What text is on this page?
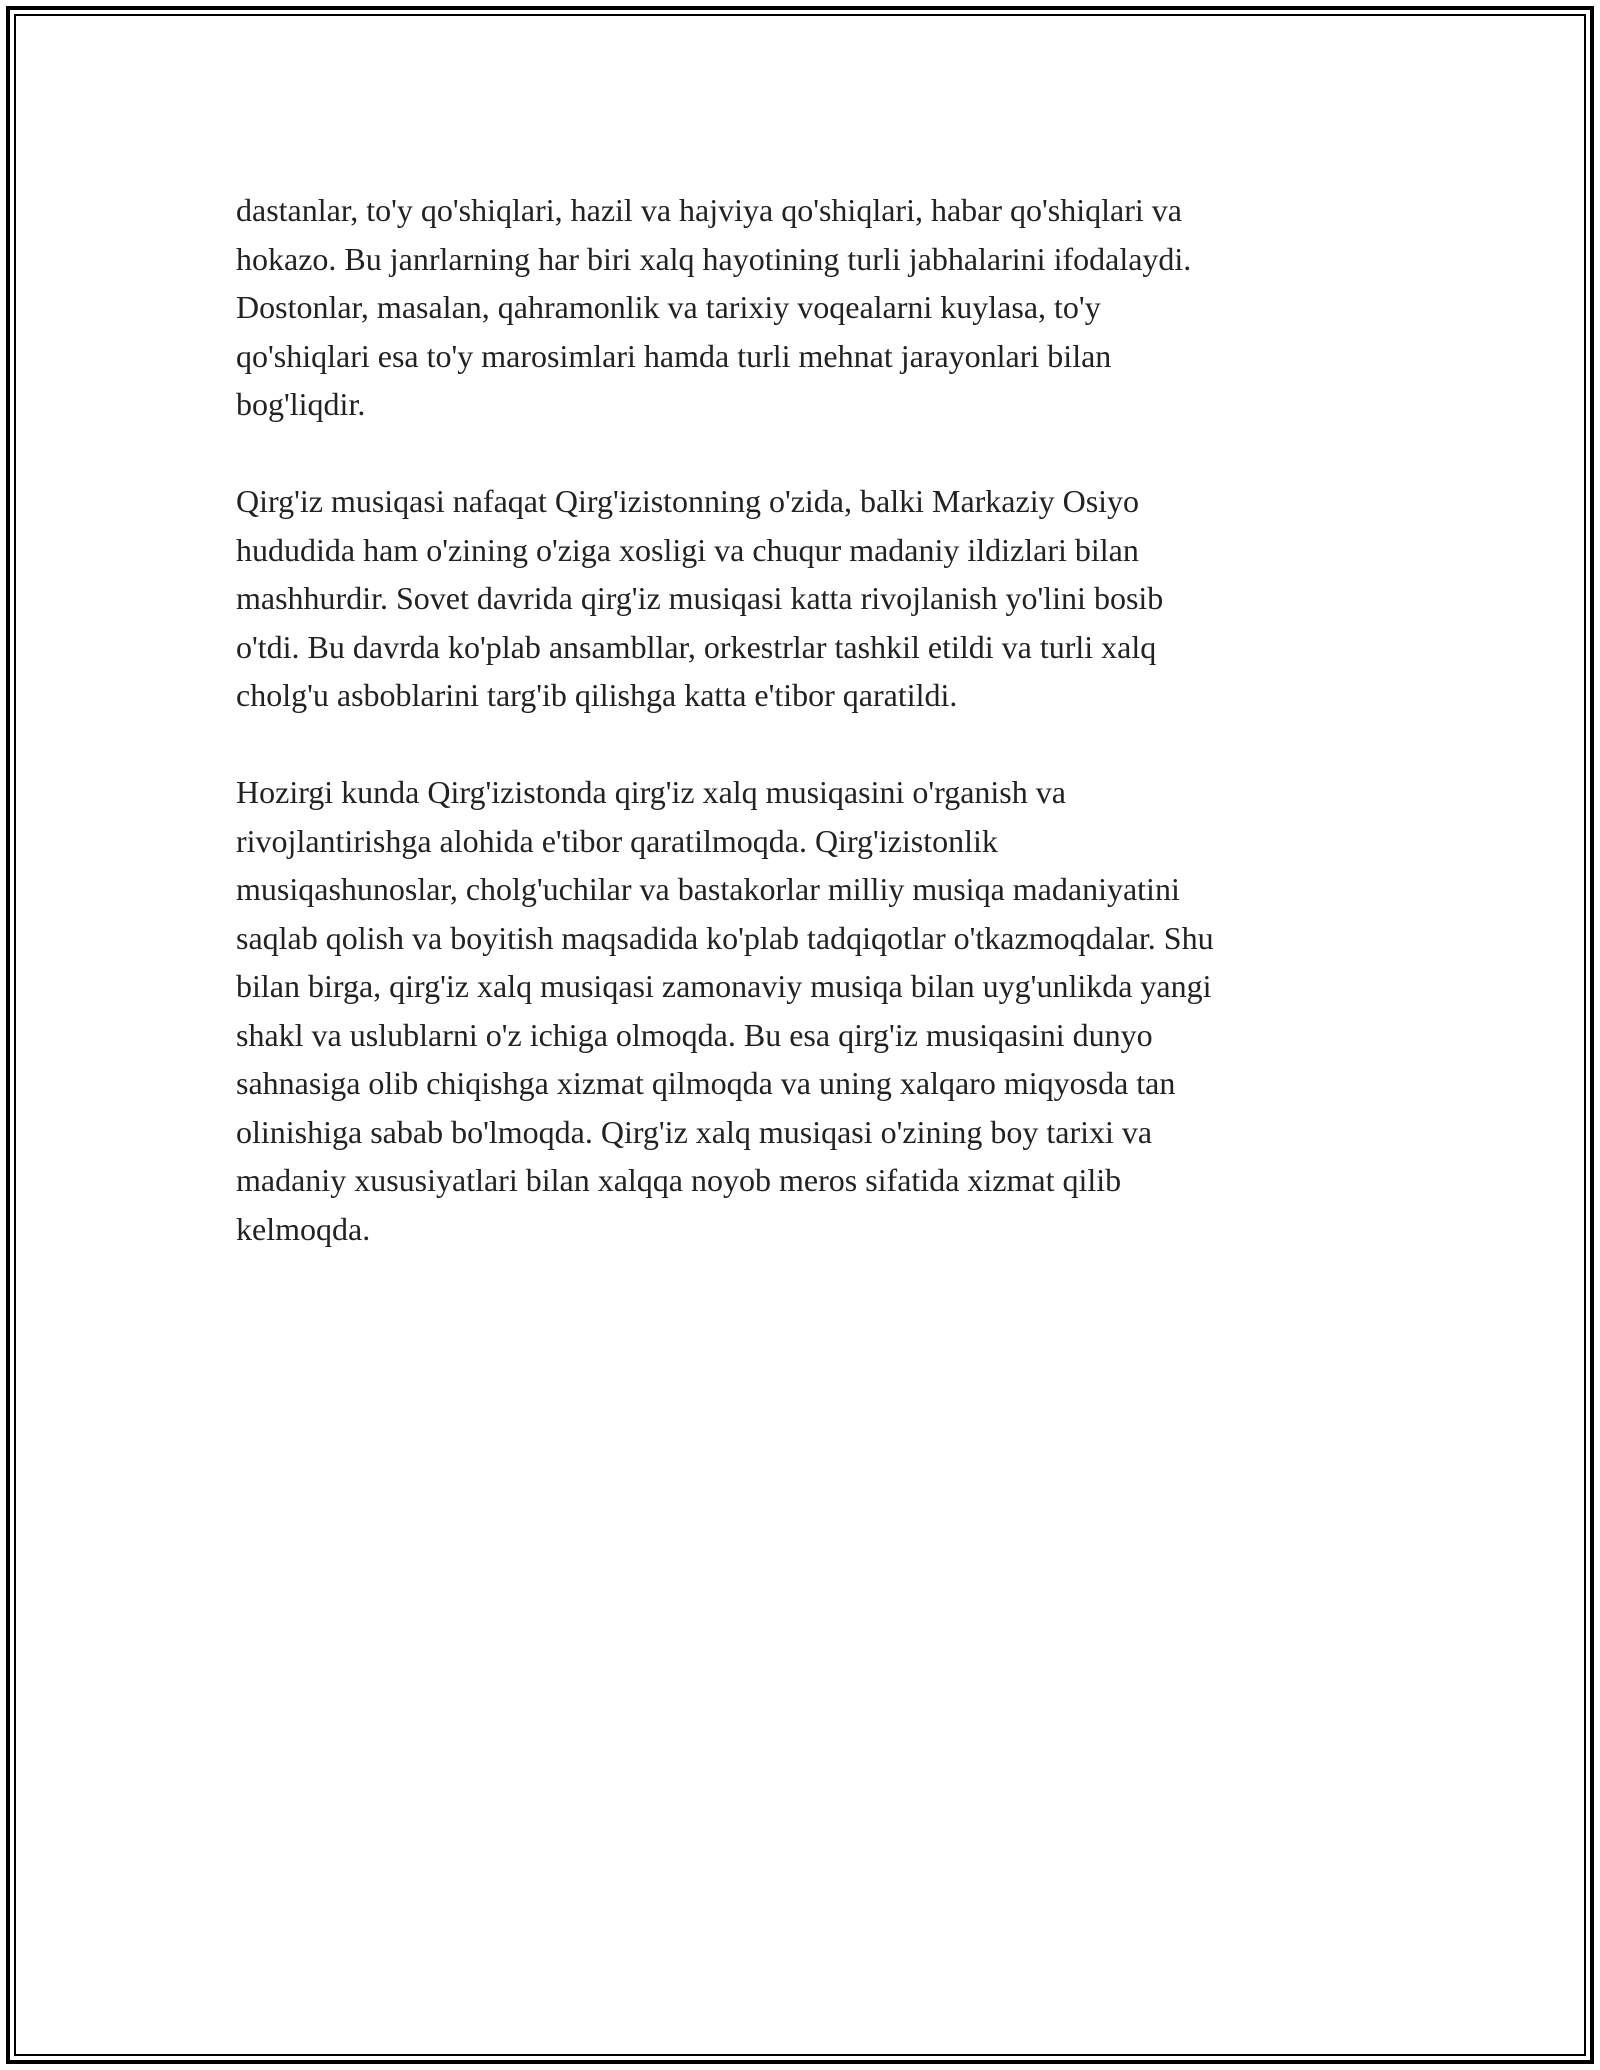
dastanlar, to'y qo'shiqlari, hazil va hajviya qo'shiqlari, habar qo'shiqlari va
hokazo. Bu janrlarning har biri xalq hayotining turli jabhalarini ifodalaydi.
Dostonlar, masalan, qahramonlik va tarixiy voqealarni kuylasa, to'y
qo'shiqlari esa to'y marosimlari hamda turli mehnat jarayonlari bilan
bog'liqdir.

Qirg'iz musiqasi nafaqat Qirg'izistonning o'zida, balki Markaziy Osiyo
hududida ham o'zining o'ziga xosligi va chuqur madaniy ildizlari bilan
mashhurdir. Sovet davrida qirg'iz musiqasi katta rivojlanish yo'lini bosib
o'tdi. Bu davrda ko'plab ansambllar, orkestrlar tashkil etildi va turli xalq
cholg'u asboblarini targ'ib qilishga katta e'tibor qaratildi.

Hozirgi kunda Qirg'izistonda qirg'iz xalq musiqasini o'rganish va
rivojlantirishga alohida e'tibor qaratilmoqda. Qirg'izistonlik
musiqashunoslar, cholg'uchilar va bastakorlar milliy musiqa madaniyatini
saqlab qolish va boyitish maqsadida ko'plab tadqiqotlar o'tkazmoqdalar. Shu
bilan birga, qirg'iz xalq musiqasi zamonaviy musiqa bilan uyg'unlikda yangi
shakl va uslublarni o'z ichiga olmoqda. Bu esa qirg'iz musiqasini dunyo
sahnasiga olib chiqishga xizmat qilmoqda va uning xalqaro miqyosda tan
olinishiga sabab bo'lmoqda. Qirg'iz xalq musiqasi o'zining boy tarixi va
madaniy xususiyatlari bilan xalqqa noyob meros sifatida xizmat qilib
kelmoqda.
